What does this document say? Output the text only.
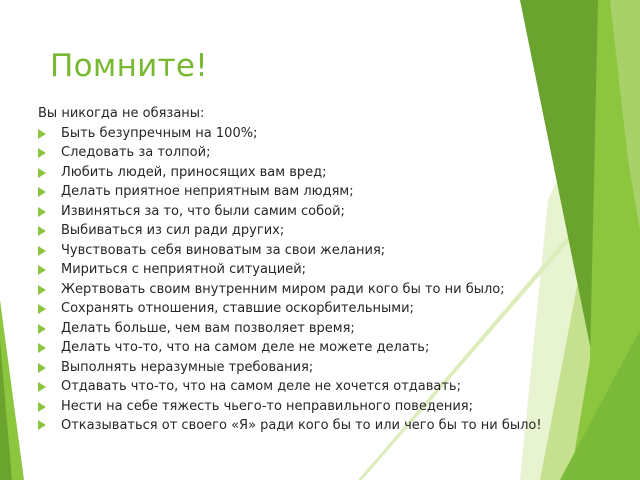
Помните!
Вы никогда не обязаны:
Быть безупречным на 100%;
Следовать за толпой;
Любить людей, приносящих вам вред;
Делать приятное неприятным вам людям;
Извиняться за то, что были самим собой;
Выбиваться из сил ради других;
Чувствовать себя виноватым за свои желания;
Мириться с неприятной ситуацией;
Жертвовать своим внутренним миром ради кого бы то ни было;
Сохранять отношения, ставшие оскорбительными;
Делать больше, чем вам позволяет время;
Делать что-то, что на самом деле не можете делать;
Выполнять неразумные требования;
Отдавать что-то, что на самом деле не хочется отдавать;
Нести на себе тяжесть чьего-то неправильного поведения;
Отказываться от своего «Я» ради кого бы то или чего бы то ни было!
